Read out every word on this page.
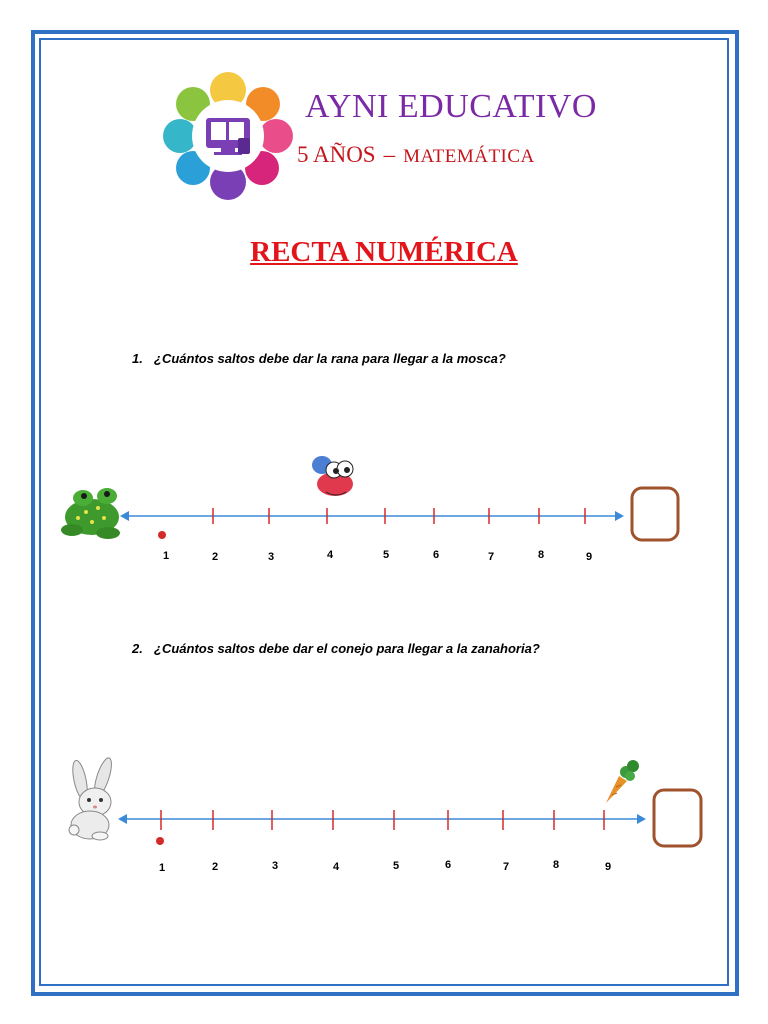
1	2	3	4	5	6	7	8	9
1	2	3	4	5	6	7	8	9
AYNI EDUCATIVO
5 AÑOS – MATEMÁTICA
RECTA NUMÉRICA
1. ¿Cuántos saltos debe dar la rana para llegar a la mosca?
2. ¿Cuántos saltos debe dar el conejo para llegar a la zanahoria?
